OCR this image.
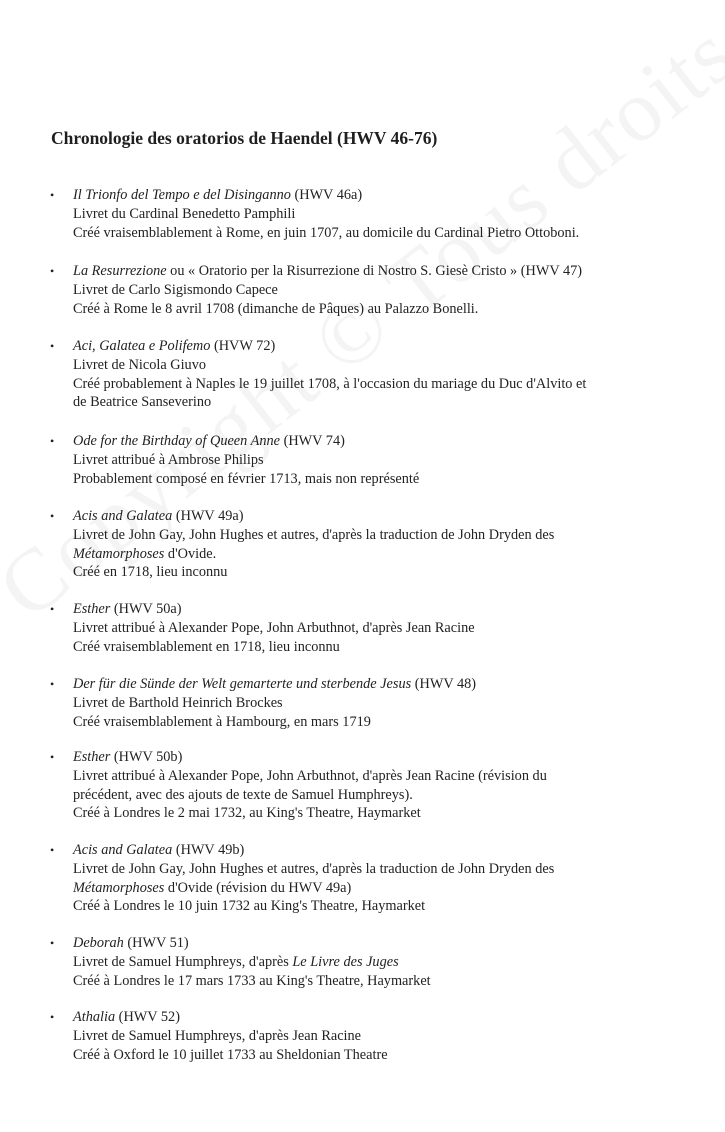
Chronologie des oratorios de Haendel (HWV 46-76)
• Il Trionfo del Tempo e del Disinganno (HWV 46a)
Livret du Cardinal Benedetto Pamphili
Créé vraisemblablement à Rome, en juin 1707, au domicile du Cardinal Pietro Ottoboni.
• La Resurrezione ou « Oratorio per la Risurrezione di Nostro S. Giesè Cristo » (HWV 47)
Livret de Carlo Sigismondo Capece
Créé à Rome le 8 avril 1708 (dimanche de Pâques) au Palazzo Bonelli.
• Aci, Galatea e Polifemo (HVW 72)
Livret de Nicola Giuvo
Créé probablement à Naples le 19 juillet 1708, à l'occasion du mariage du Duc d'Alvito et
de Beatrice Sanseverino
• Ode for the Birthday of Queen Anne (HWV 74)
Livret attribué à Ambrose Philips
Probablement composé en février 1713, mais non représenté
• Acis and Galatea (HWV 49a)
Livret de John Gay, John Hughes et autres, d'après la traduction de John Dryden des
Métamorphoses d'Ovide.
Créé en 1718, lieu inconnu
• Esther (HWV 50a)
Livret attribué à Alexander Pope, John Arbuthnot, d'après Jean Racine
Créé vraisemblablement en 1718, lieu inconnu
• Der für die Sünde der Welt gemarterte und sterbende Jesus (HWV 48)
Livret de Barthold Heinrich Brockes
Créé vraisemblablement à Hambourg, en mars 1719
• Esther (HWV 50b)
Livret attribué à Alexander Pope, John Arbuthnot, d'après Jean Racine (révision du
précédent, avec des ajouts de texte de Samuel Humphreys).
Créé à Londres le 2 mai 1732, au King's Theatre, Haymarket
• Acis and Galatea (HWV 49b)
Livret de John Gay, John Hughes et autres, d'après la traduction de John Dryden des
Métamorphoses d'Ovide (révision du HWV 49a)
Créé à Londres le 10 juin 1732 au King's Theatre, Haymarket
• Deborah (HWV 51)
Livret de Samuel Humphreys, d'après Le Livre des Juges
Créé à Londres le 17 mars 1733 au King's Theatre, Haymarket
• Athalia (HWV 52)
Livret de Samuel Humphreys, d'après Jean Racine
Créé à Oxford le 10 juillet 1733 au Sheldonian Theatre
